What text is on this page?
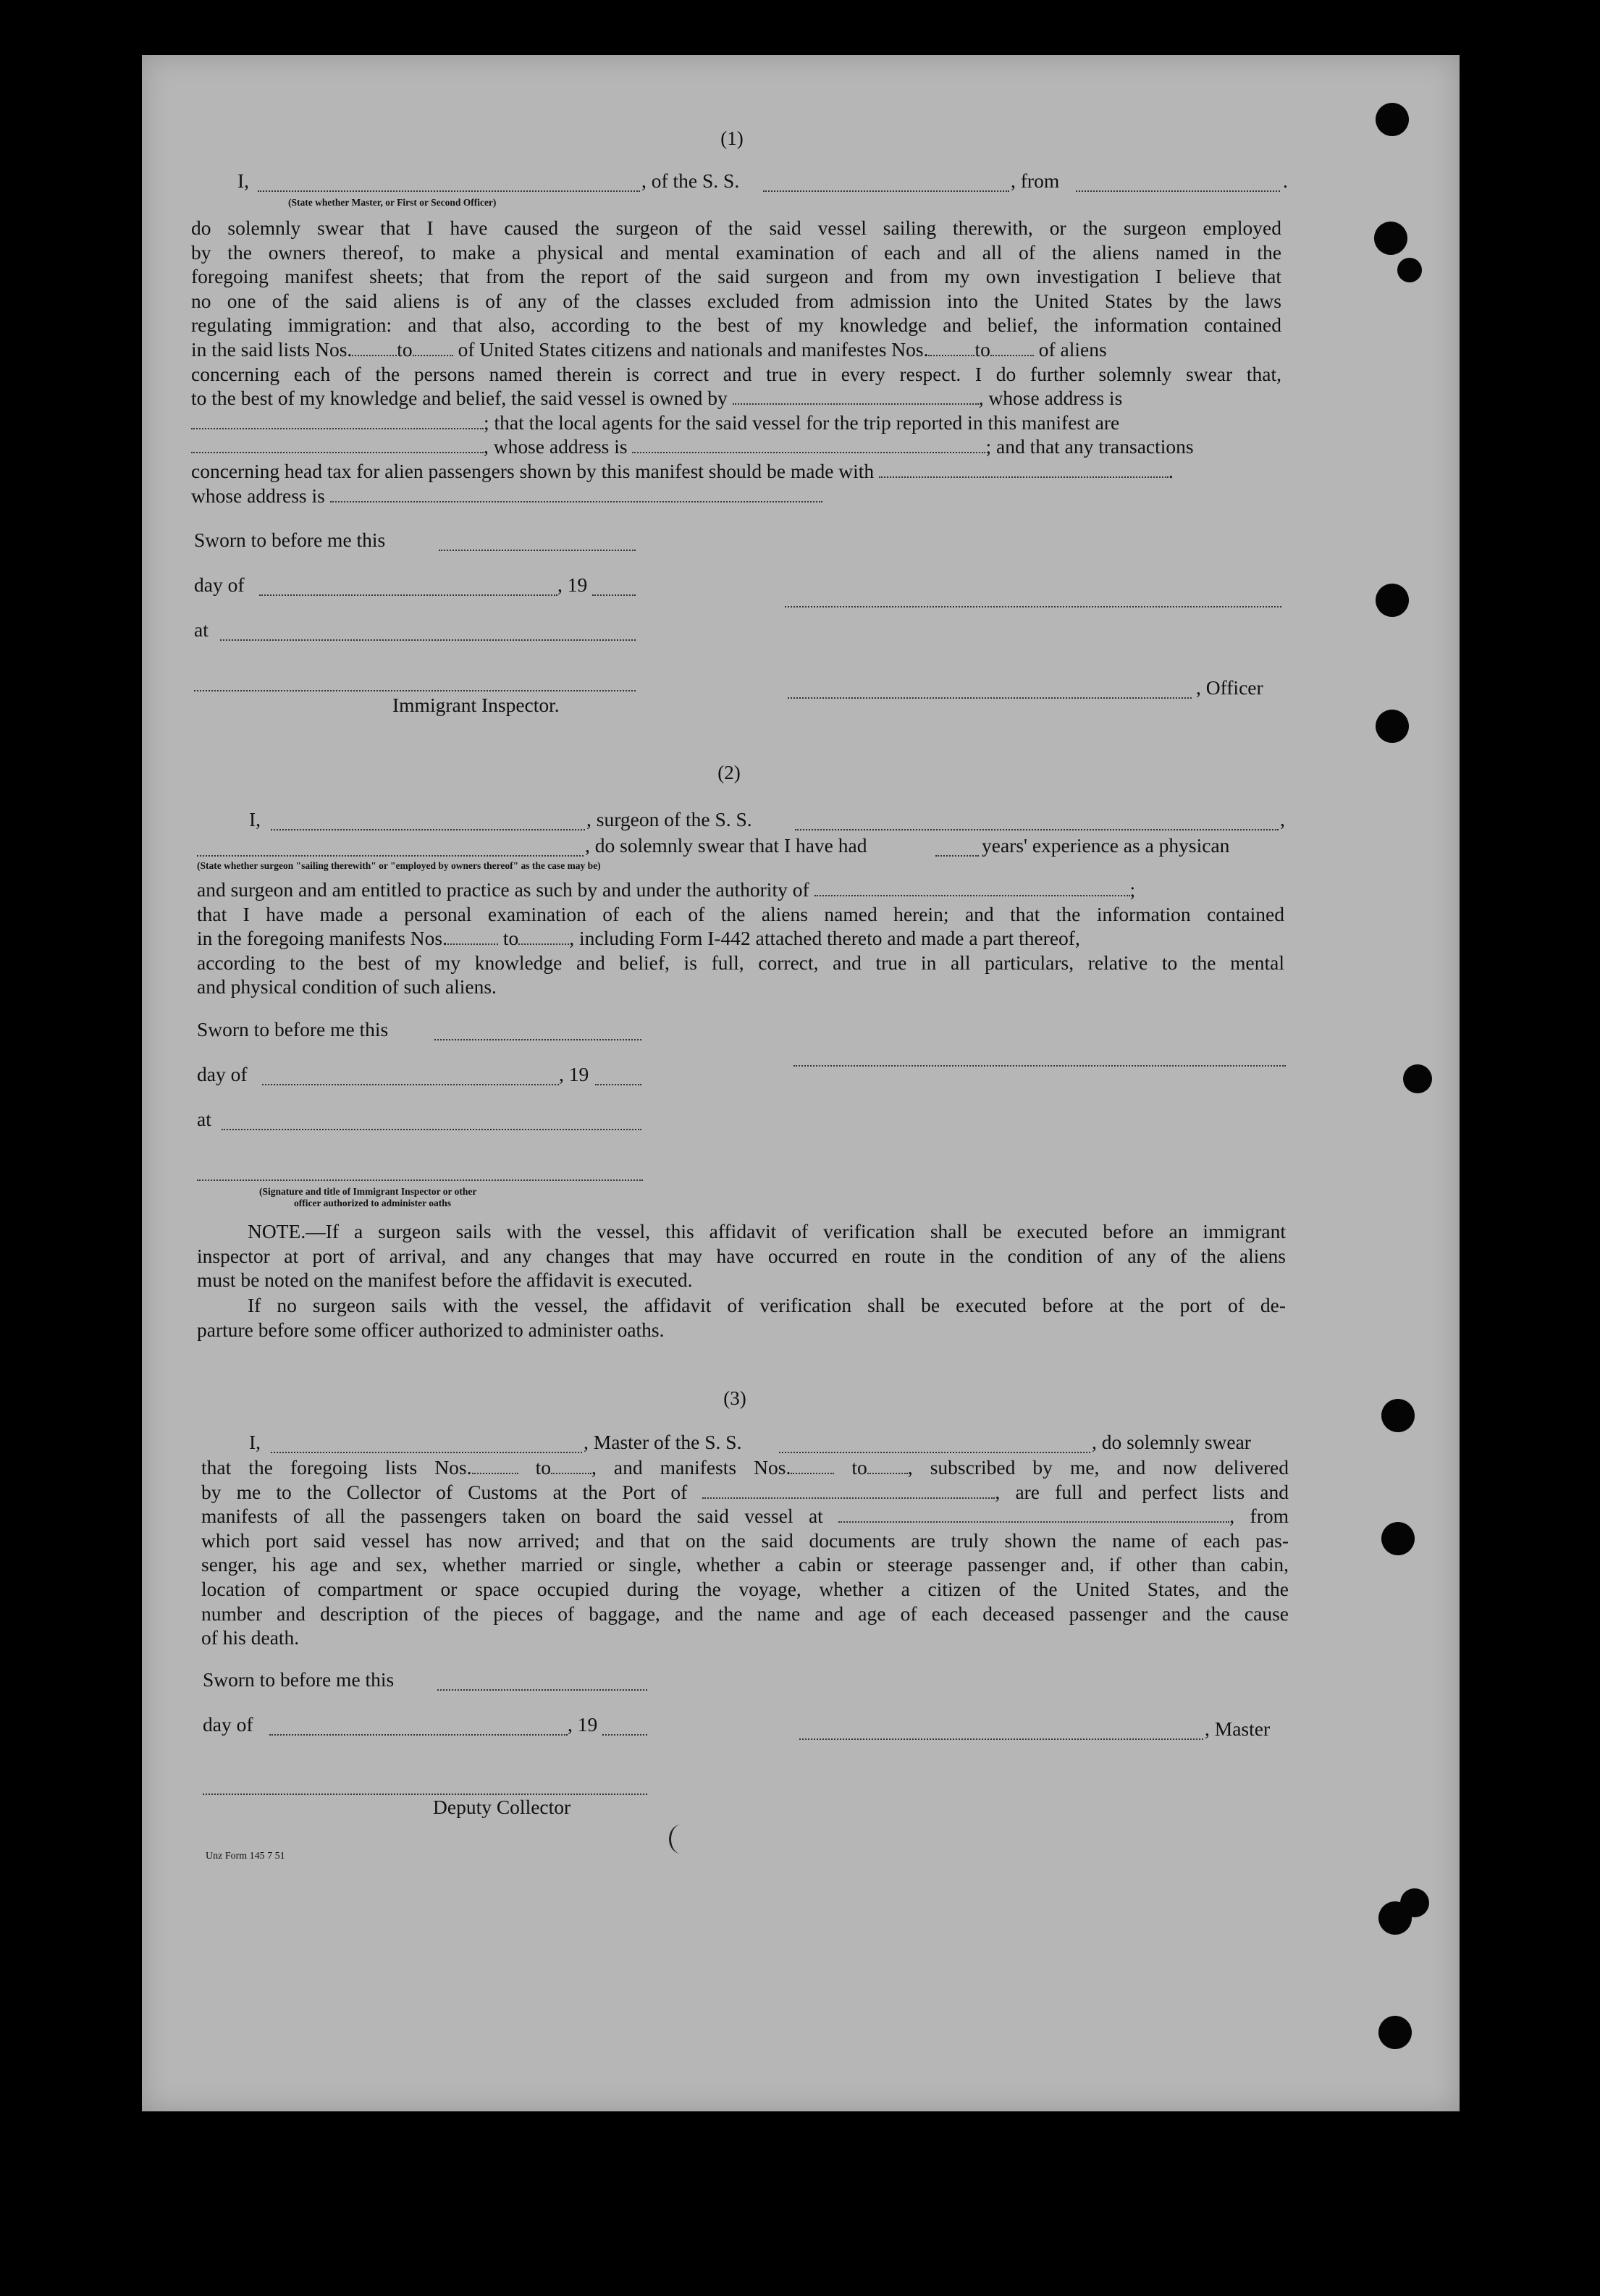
(1)
I,	, of the S. S.	, from	.
(State whether Master, or First or Second Officer)
do solemnly swear that I have caused the surgeon of the said vessel sailing therewith, or the surgeon employed
by the owners thereof, to make a physical and mental examination of each and all of the aliens named in the
foregoing manifest sheets; that from the report of the said surgeon and from my own investigation I believe that
no one of the said aliens is of any of the classes excluded from admission into the United States by the laws
regulating immigration: and that also, according to the best of my knowledge and belief, the information contained
in the said lists Nos. to of United States citizens and nationals and manifestes Nos. to of aliens
concerning each of the persons named therein is correct and true in every respect. I do further solemnly swear that,
to the best of my knowledge and belief, the said vessel is owned by	, whose address is
; that the local agents for the said vessel for the trip reported in this manifest are
, whose address is	; and that any transactions
concerning head tax for alien passengers shown by this manifest should be made with	.
whose address is
Sworn to before me this
day of	, 19
at
, Officer
Immigrant Inspector.
(2)
I,	, surgeon of the S. S.	,
, do solemnly swear that I have had	years' experience as a physican
(State whether surgeon "sailing therewith" or "employed by owners thereof" as the case may be)
and surgeon and am entitled to practice as such by and under the authority of	;
that I have made a personal examination of each of the aliens named herein; and that the information contained
in the foregoing manifests Nos.	to	, including Form I-442 attached thereto and made a part thereof,
according to the best of my knowledge and belief, is full, correct, and true in all particulars, relative to the mental
and physical condition of such aliens.
Sworn to before me this
day of	, 19
at
(Signature and title of Immigrant Inspector or other
officer authorized to administer oaths
NOTE.—If a surgeon sails with the vessel, this affidavit of verification shall be executed before an immigrant
inspector at port of arrival, and any changes that may have occurred en route in the condition of any of the aliens
must be noted on the manifest before the affidavit is executed.
If no surgeon sails with the vessel, the affidavit of verification shall be executed before at the port of de-
parture before some officer authorized to administer oaths.
(3)
I,	, Master of the S. S.	, do solemnly swear
that the foregoing lists Nos.	to , and manifests Nos.	to , subscribed by me, and now delivered
by me to the Collector of Customs at the Port of	, are full and perfect lists and
manifests of all the passengers taken on board the said vessel at	, from
which port said vessel has now arrived; and that on the said documents are truly shown the name of each pas-
senger, his age and sex, whether married or single, whether a cabin or steerage passenger and, if other than cabin,
location of compartment or space occupied during the voyage, whether a citizen of the United States, and the
number and description of the pieces of baggage, and the name and age of each deceased passenger and the cause
of his death.
Sworn to before me this
day of	, 19	, Master
Deputy Collector
Unz Form 145 7 51
